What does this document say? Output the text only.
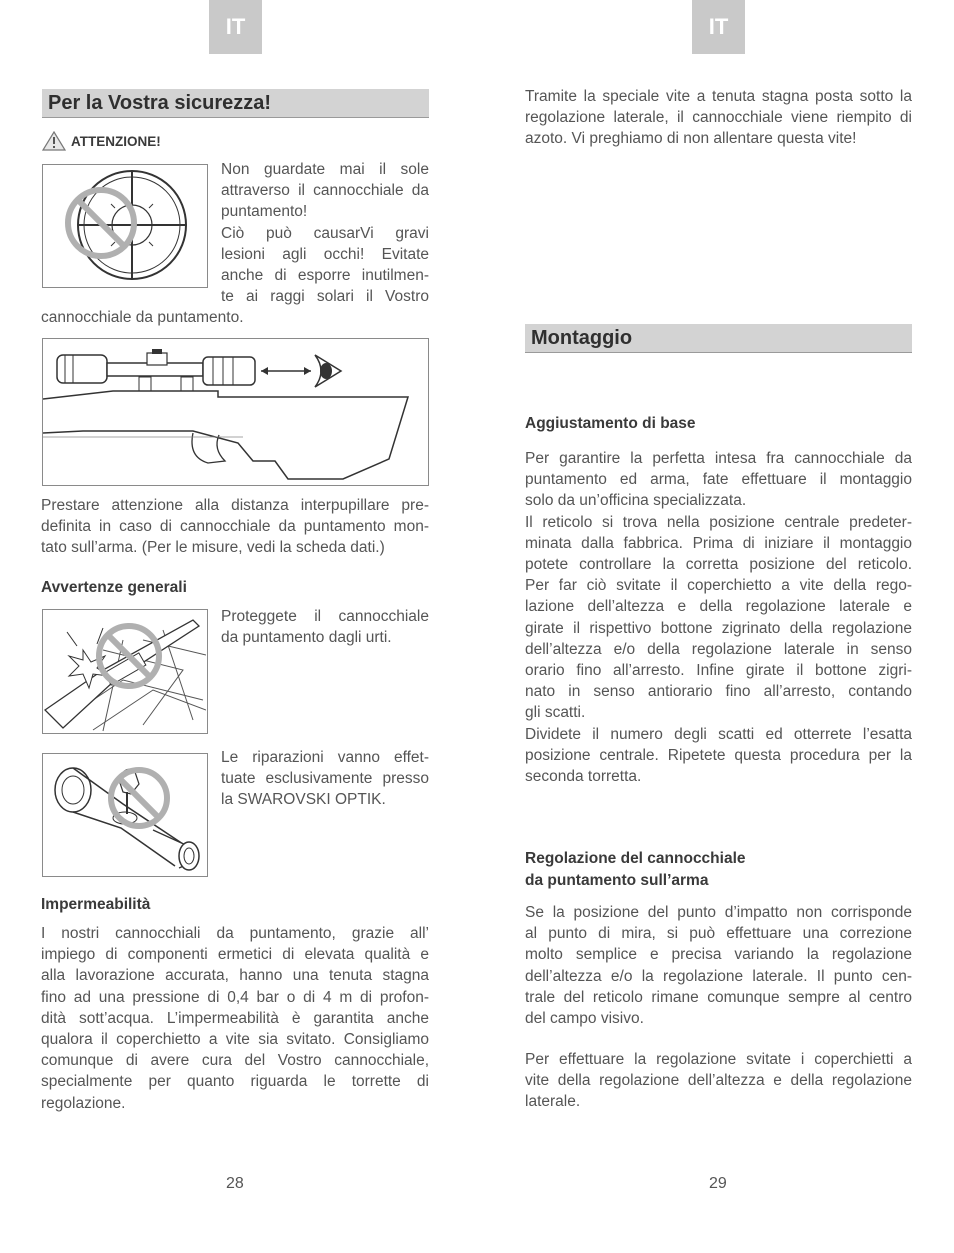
IT
Per la Vostra sicurezza!
ATTENZIONE!
Non guardate mai il sole
attraverso il cannocchiale da
puntamento!
Ciò può causarVi gravi
lesioni agli occhi! Evitate
anche di esporre inutilmen-
te ai raggi solari il Vostro
cannocchiale da puntamento.
Prestare attenzione alla distanza interpupillare pre-
definita in caso di cannocchiale da puntamento mon-
tato sull’arma. (Per le misure, vedi la scheda dati.)
Avvertenze generali
Proteggete il cannocchiale
da puntamento dagli urti.
Le riparazioni vanno effet-
tuate esclusivamente presso
la SWAROVSKI OPTIK.
Impermeabilità
I nostri cannocchiali da puntamento, grazie all’
impiego di componenti ermetici di elevata qualità e
alla lavorazione accurata, hanno una tenuta stagna
fino ad una pressione di 0,4 bar o di 4 m di profon-
dità sott’acqua. L’impermeabilità è garantita anche
qualora il coperchietto a vite sia svitato. Consigliamo
comunque di avere cura del Vostro cannocchiale,
specialmente per quanto riguarda le torrette di
regolazione.
28
IT
Tramite la speciale vite a tenuta stagna posta sotto la
regolazione laterale, il cannocchiale viene riempito di
azoto. Vi preghiamo di non allentare questa vite!
Montaggio
Aggiustamento di base
Per garantire la perfetta intesa fra cannocchiale da
puntamento ed arma, fate effettuare il montaggio
solo da un’officina specializzata.
Il reticolo si trova nella posizione centrale predeter-
minata dalla fabbrica. Prima di iniziare il montaggio
potete controllare la corretta posizione del reticolo.
Per far ciò svitate il coperchietto a vite della rego-
lazione dell’altezza e della regolazione laterale e
girate il rispettivo bottone zigrinato della regolazione
dell’altezza e/o della regolazione laterale in senso
orario fino all’arresto. Infine girate il bottone zigri-
nato in senso antiorario fino all’arresto, contando
gli scatti.
Dividete il numero degli scatti ed otterrete l’esatta
posizione centrale. Ripetete questa procedura per la
seconda torretta.
Regolazione del cannocchiale
da puntamento sull’arma
Se la posizione del punto d’impatto non corrisponde
al punto di mira, si può effettuare una correzione
molto semplice e precisa variando la regolazione
dell’altezza e/o la regolazione laterale. Il punto cen-
trale del reticolo rimane comunque sempre al centro
del campo visivo.
Per effettuare la regolazione svitate i coperchietti a
vite della regolazione dell’altezza e della regolazione
laterale.
29
